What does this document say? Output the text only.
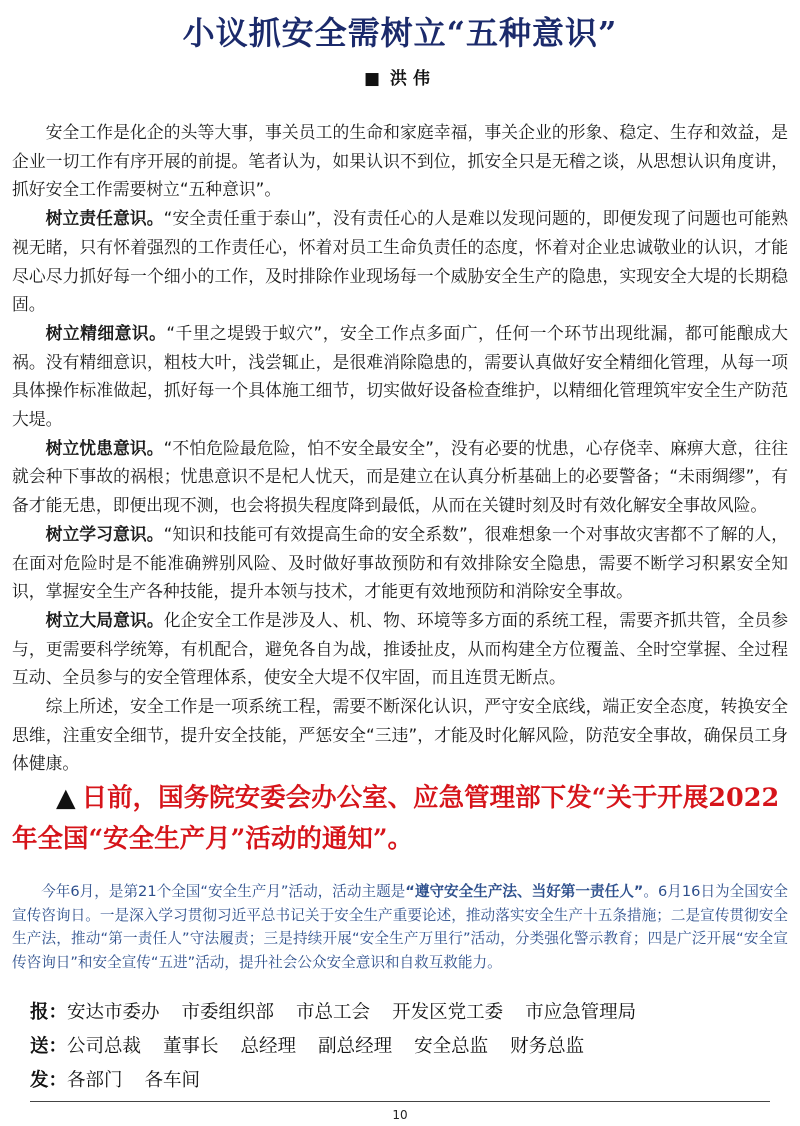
小议抓安全需树立“五种意识”
■ 洪伟

安全工作是化企的头等大事，事关员工的生命和家庭幸福，事关企业的形象、稳定、生存和效益，是企业一切工作有序开展的前提。笔者认为，如果认识不到位，抓安全只是无稽之谈，从思想认识角度讲，抓好安全工作需要树立“五种意识”。

树立责任意识。“安全责任重于泰山”，没有责任心的人是难以发现问题的，即便发现了问题也可能熟视无睹，只有怀着强烈的工作责任心，怀着对员工生命负责任的态度，怀着对企业忠诚敬业的认识，才能尽心尽力抓好每一个细小的工作，及时排除作业现场每一个威胁安全生产的隐患，实现安全大堤的长期稳固。

树立精细意识。“千里之堤毁于蚁穴”，安全工作点多面广，任何一个环节出现纰漏，都可能酿成大祸。没有精细意识，粗枝大叶，浅尝辄止，是很难消除隐患的，需要认真做好安全精细化管理，从每一项具体操作标准做起，抓好每一个具体施工细节，切实做好设备检查维护，以精细化管理筑牢安全生产防范大堤。

树立忧患意识。“不怕危险最危险，怕不安全最安全”，没有必要的忧患，心存侥幸、麻痹大意，往往就会种下事故的祸根；忧患意识不是杞人忧天，而是建立在认真分析基础上的必要警备；“未雨绸缪”，有备才能无患，即便出现不测，也会将损失程度降到最低，从而在关键时刻及时有效化解安全事故风险。

树立学习意识。“知识和技能可有效提高生命的安全系数”，很难想象一个对事故灾害都不了解的人，在面对危险时是不能准确辨别风险、及时做好事故预防和有效排除安全隐患，需要不断学习积累安全知识，掌握安全生产各种技能，提升本领与技术，才能更有效地预防和消除安全事故。

树立大局意识。化企安全工作是涉及人、机、物、环境等多方面的系统工程，需要齐抓共管，全员参与，更需要科学统筹，有机配合，避免各自为战，推诿扯皮，从而构建全方位覆盖、全时空掌握、全过程互动、全员参与的安全管理体系，使安全大堤不仅牢固，而且连贯无断点。

综上所述，安全工作是一项系统工程，需要不断深化认识，严守安全底线，端正安全态度，转换安全思维，注重安全细节，提升安全技能，严惩安全“三违”，才能及时化解风险，防范安全事故，确保员工身体健康。

▲ 日前，国务院安委会办公室、应急管理部下发“关于开展2022年全国“安全生产月”活动的通知”。
今年6月，是第21个全国“安全生产月”活动，活动主题是“遵守安全生产法、当好第一责任人”。6月16日为全国安全宣传咨询日。一是深入学习贯彻习近平总书记关于安全生产重要论述，推动落实安全生产十五条措施；二是宣传贯彻安全生产法，推动“第一责任人”守法履责；三是持续开展“安全生产万里行”活动，分类强化警示教育；四是广泛开展“安全宣传咨询日”和安全宣传“五进”活动，提升社会公众安全意识和自救互救能力。
报：安达市委办 市委组织部 市总工会 开发区党工委 市应急管理局
送：公司总裁 董事长 总经理 副总经理 安全总监 财务总监
发：各部门 各车间
10
